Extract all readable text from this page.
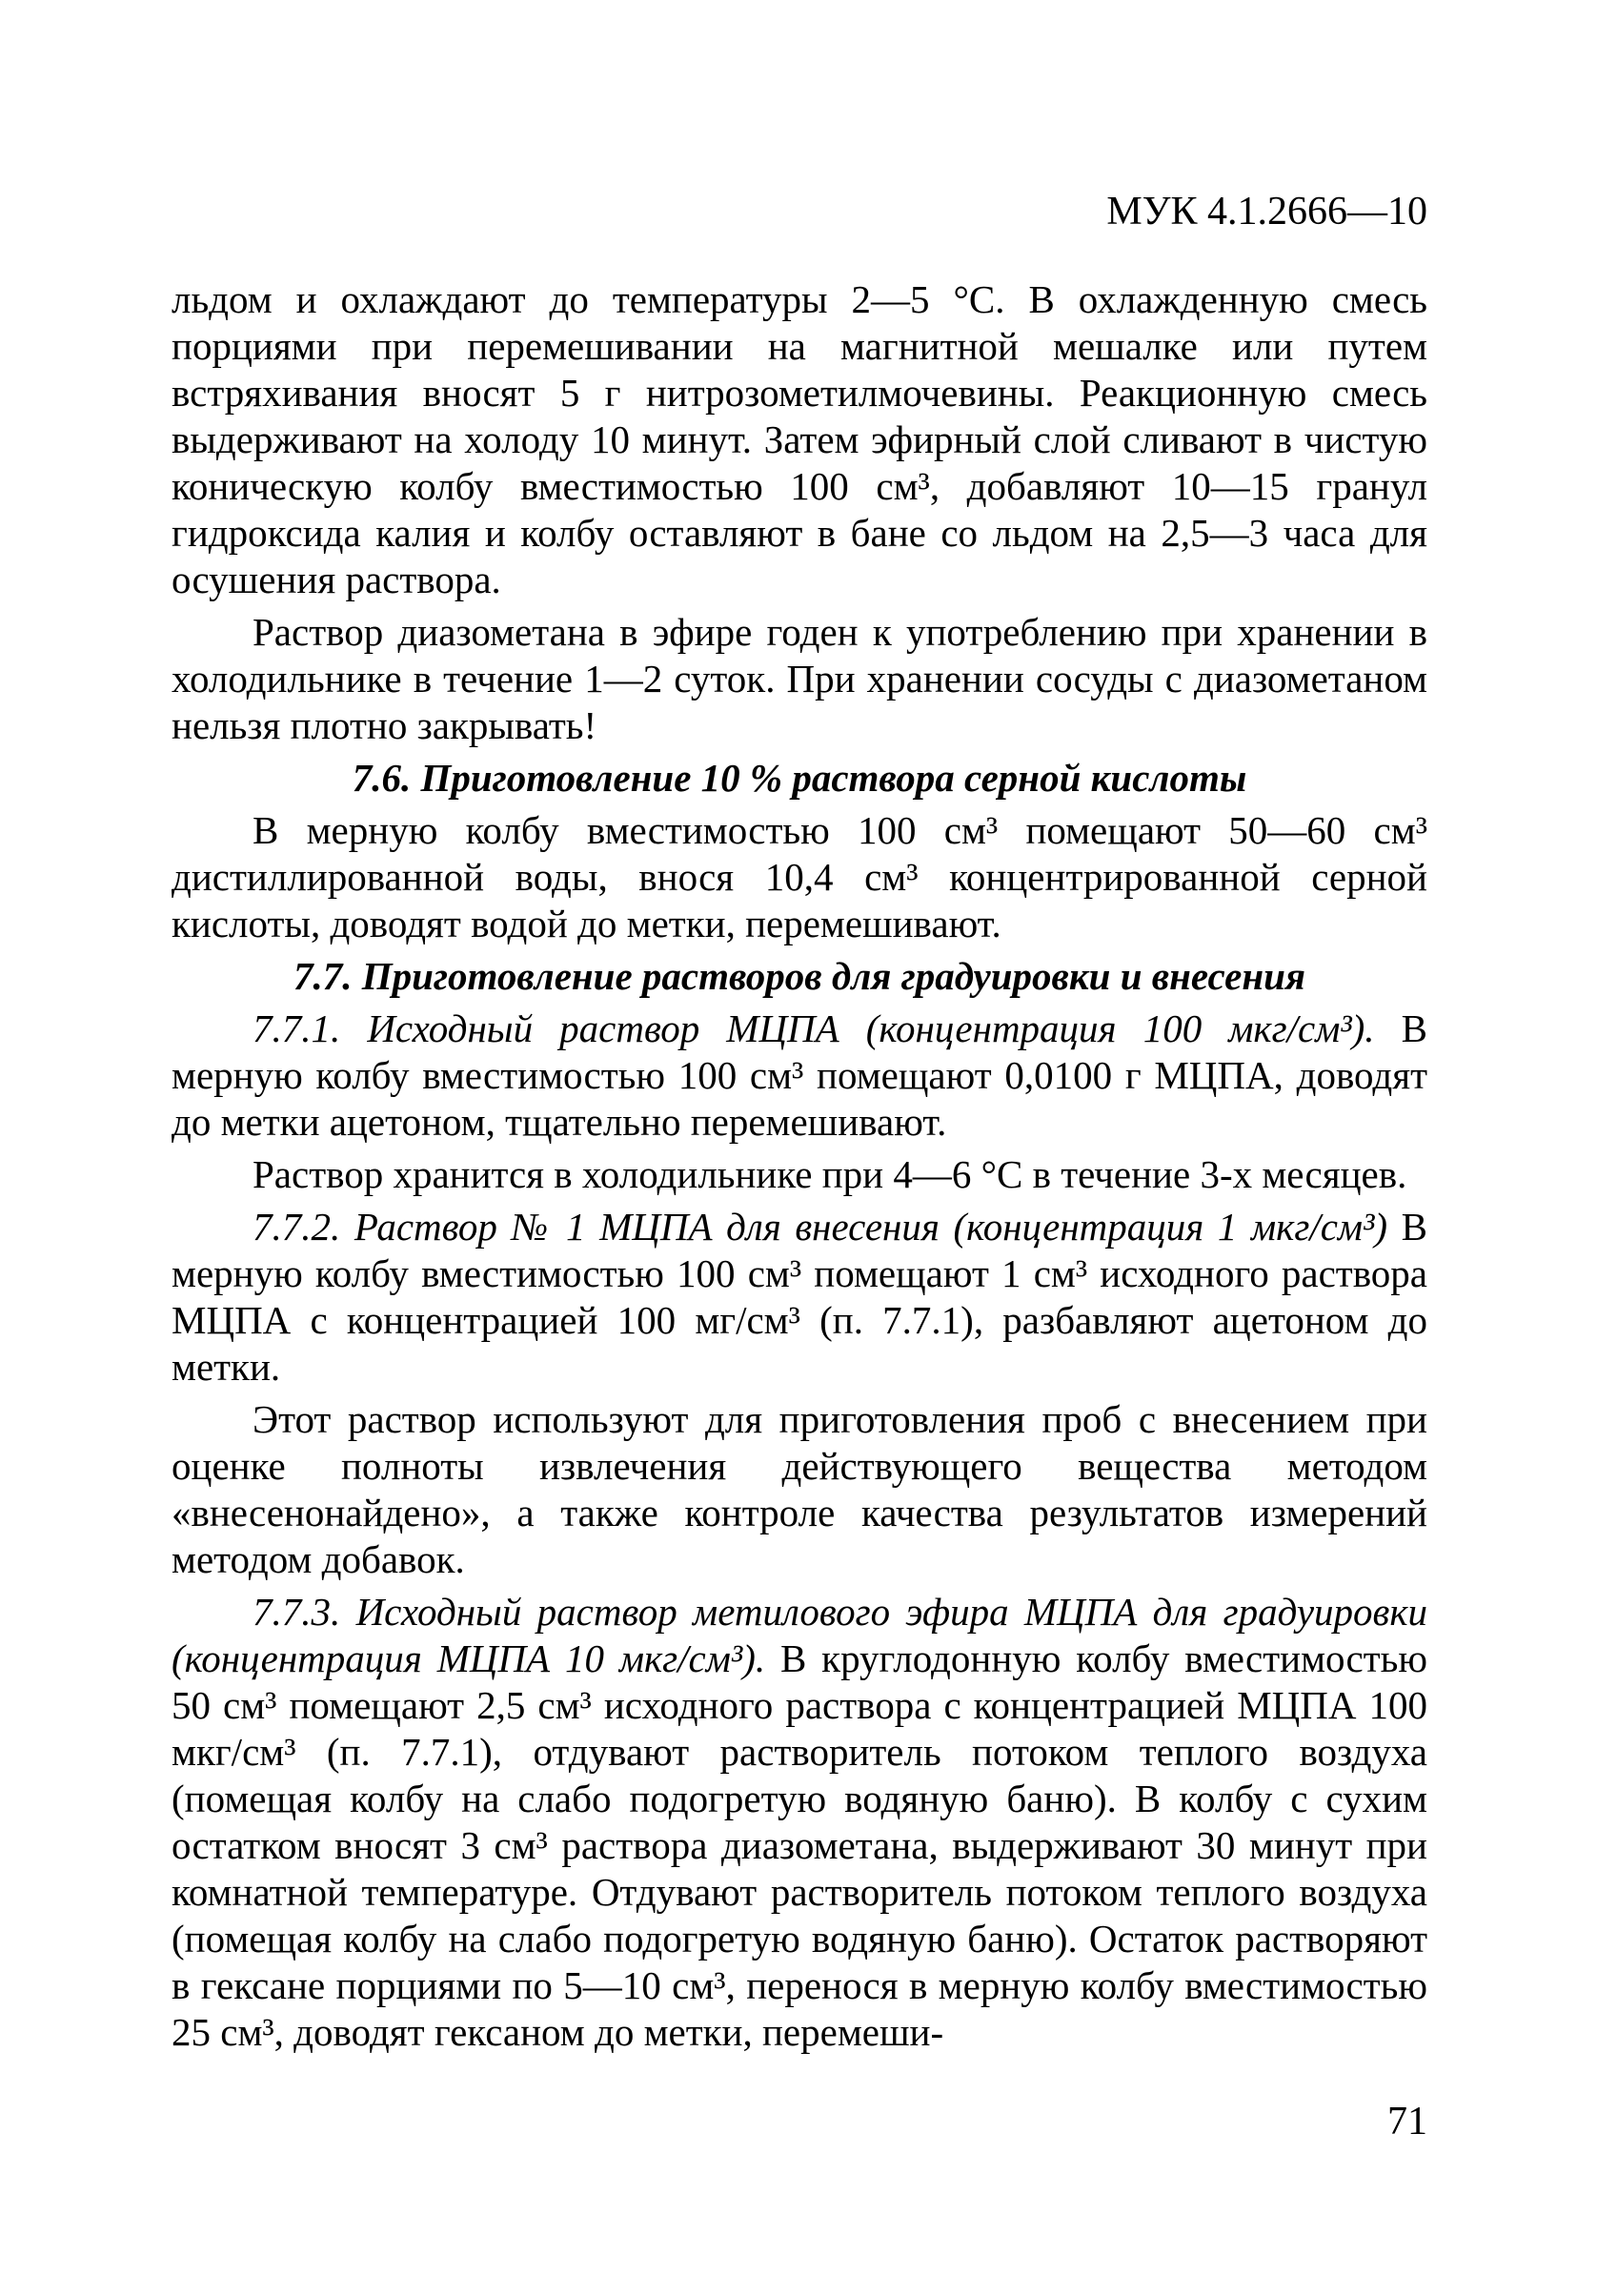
МУК 4.1.2666—10

льдом и охлаждают до температуры 2—5 °С. В охлажденную смесь порциями при перемешивании на магнитной мешалке или путем встряхивания вносят 5 г нитрозометилмочевины. Реакционную смесь выдерживают на холоду 10 минут. Затем эфирный слой сливают в чистую коническую колбу вместимостью 100 см³, добавляют 10—15 гранул гидроксида калия и колбу оставляют в бане со льдом на 2,5—3 часа для осушения раствора.

Раствор диазометана в эфире годен к употреблению при хранении в холодильнике в течение 1—2 суток. При хранении сосуды с диазометаном нельзя плотно закрывать!

7.6. Приготовление 10 % раствора серной кислоты

В мерную колбу вместимостью 100 см³ помещают 50—60 см³ дистиллированной воды, внося 10,4 см³ концентрированной серной кислоты, доводят водой до метки, перемешивают.

7.7. Приготовление растворов для градуировки и внесения

7.7.1. Исходный раствор МЦПА (концентрация 100 мкг/см³). В мерную колбу вместимостью 100 см³ помещают 0,0100 г МЦПА, доводят до метки ацетоном, тщательно перемешивают.

Раствор хранится в холодильнике при 4—6 °С в течение 3-х месяцев.

7.7.2. Раствор № 1 МЦПА для внесения (концентрация 1 мкг/см³) В мерную колбу вместимостью 100 см³ помещают 1 см³ исходного раствора МЦПА с концентрацией 100 мг/см³ (п. 7.7.1), разбавляют ацетоном до метки.

Этот раствор используют для приготовления проб с внесением при оценке полноты извлечения действующего вещества методом «внесенонайдено», а также контроле качества результатов измерений методом добавок.

7.7.3. Исходный раствор метилового эфира МЦПА для градуировки (концентрация МЦПА 10 мкг/см³). В круглодонную колбу вместимостью 50 см³ помещают 2,5 см³ исходного раствора с концентрацией МЦПА 100 мкг/см³ (п. 7.7.1), отдувают растворитель потоком теплого воздуха (помещая колбу на слабо подогретую водяную баню). В колбу с сухим остатком вносят 3 см³ раствора диазометана, выдерживают 30 минут при комнатной температуре. Отдувают растворитель потоком теплого воздуха (помещая колбу на слабо подогретую водяную баню). Остаток растворяют в гексане порциями по 5—10 см³, перенося в мерную колбу вместимостью 25 см³, доводят гексаном до метки, перемеши-

71
